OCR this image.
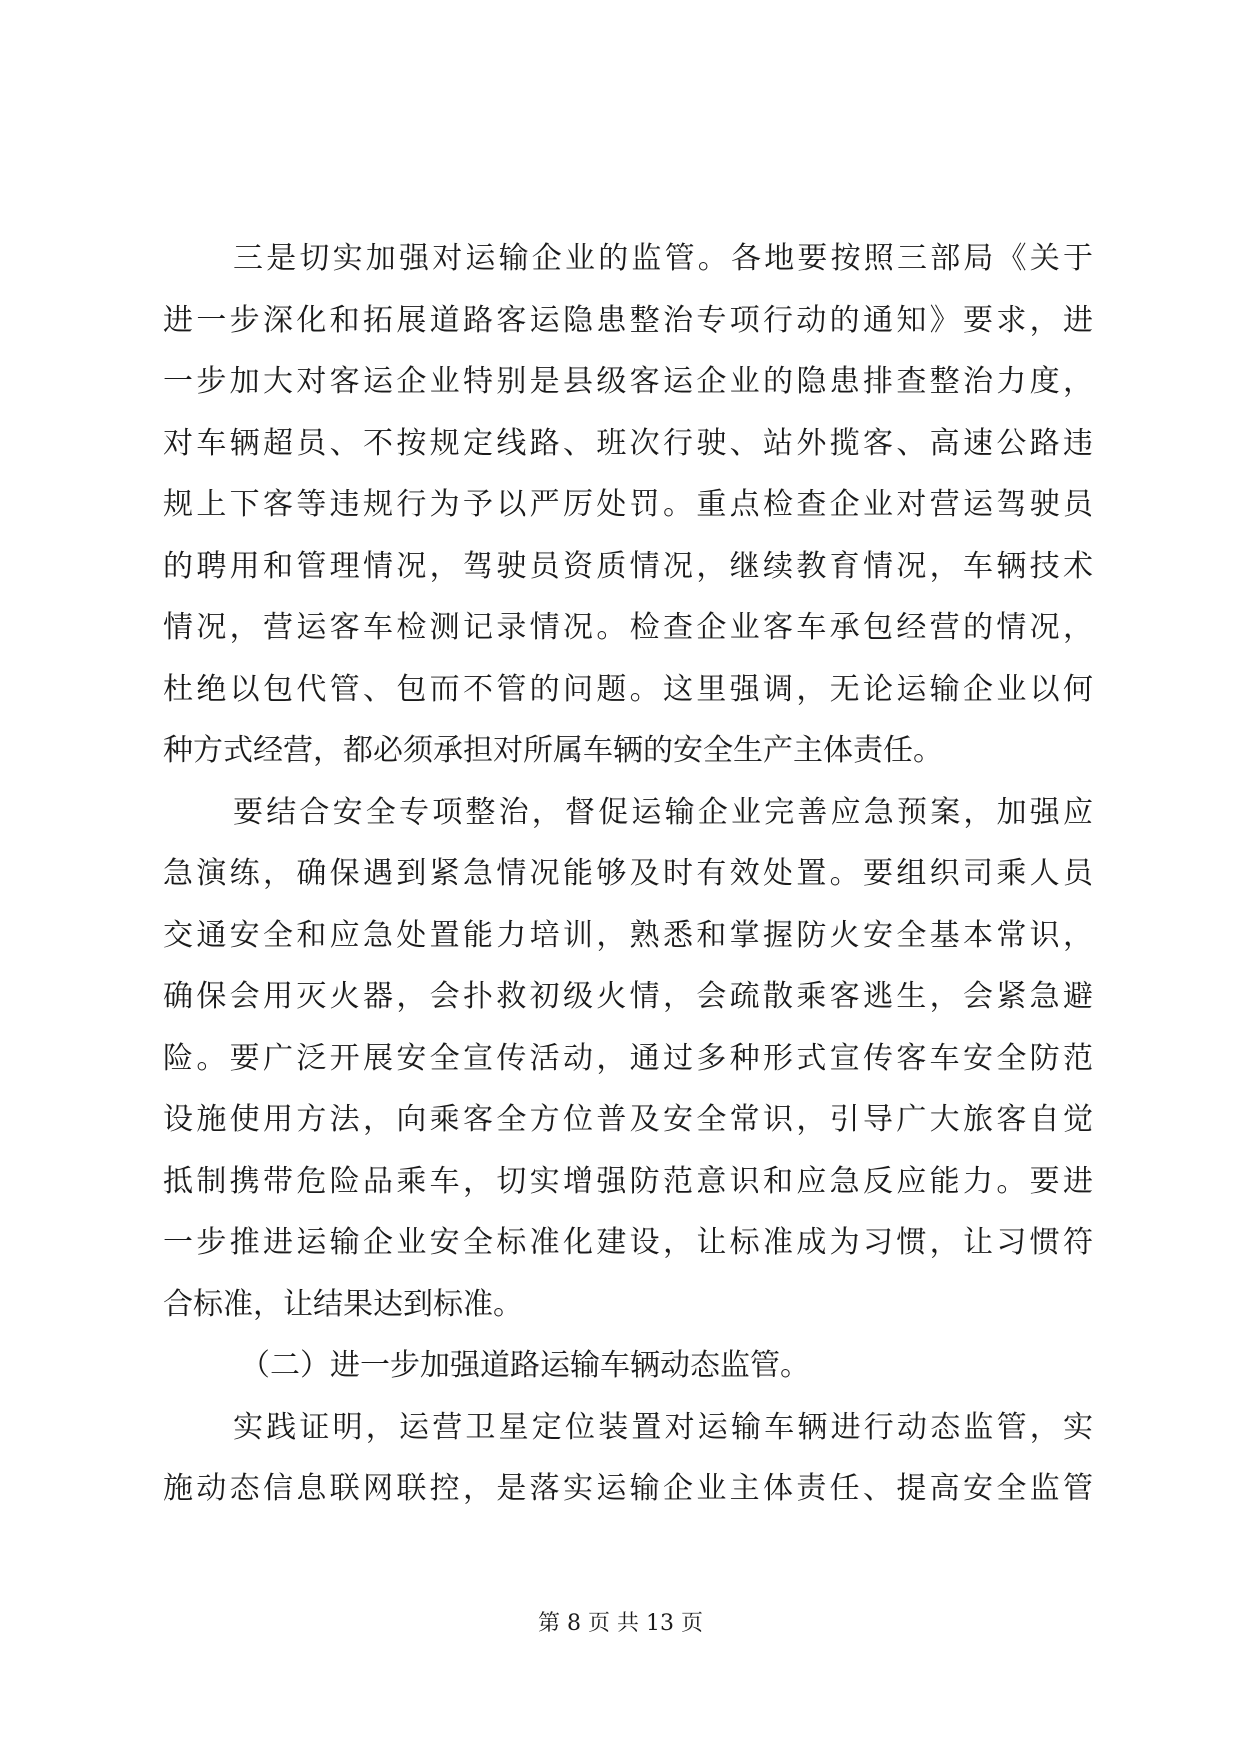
三是切实加强对运输企业的监管。各地要按照三部局《关于
进一步深化和拓展道路客运隐患整治专项行动的通知》要求，进
一步加大对客运企业特别是县级客运企业的隐患排查整治力度，
对车辆超员、不按规定线路、班次行驶、站外揽客、高速公路违
规上下客等违规行为予以严厉处罚。重点检查企业对营运驾驶员
的聘用和管理情况，驾驶员资质情况，继续教育情况，车辆技术
情况，营运客车检测记录情况。检查企业客车承包经营的情况，
杜绝以包代管、包而不管的问题。这里强调，无论运输企业以何
种方式经营，都必须承担对所属车辆的安全生产主体责任。
要结合安全专项整治，督促运输企业完善应急预案，加强应
急演练，确保遇到紧急情况能够及时有效处置。要组织司乘人员
交通安全和应急处置能力培训，熟悉和掌握防火安全基本常识，
确保会用灭火器，会扑救初级火情，会疏散乘客逃生，会紧急避
险。要广泛开展安全宣传活动，通过多种形式宣传客车安全防范
设施使用方法，向乘客全方位普及安全常识，引导广大旅客自觉
抵制携带危险品乘车，切实增强防范意识和应急反应能力。要进
一步推进运输企业安全标准化建设，让标准成为习惯，让习惯符
合标准，让结果达到标准。
（二）进一步加强道路运输车辆动态监管。
实践证明，运营卫星定位装置对运输车辆进行动态监管，实
施动态信息联网联控，是落实运输企业主体责任、提高安全监管
第 8 页 共 13 页
